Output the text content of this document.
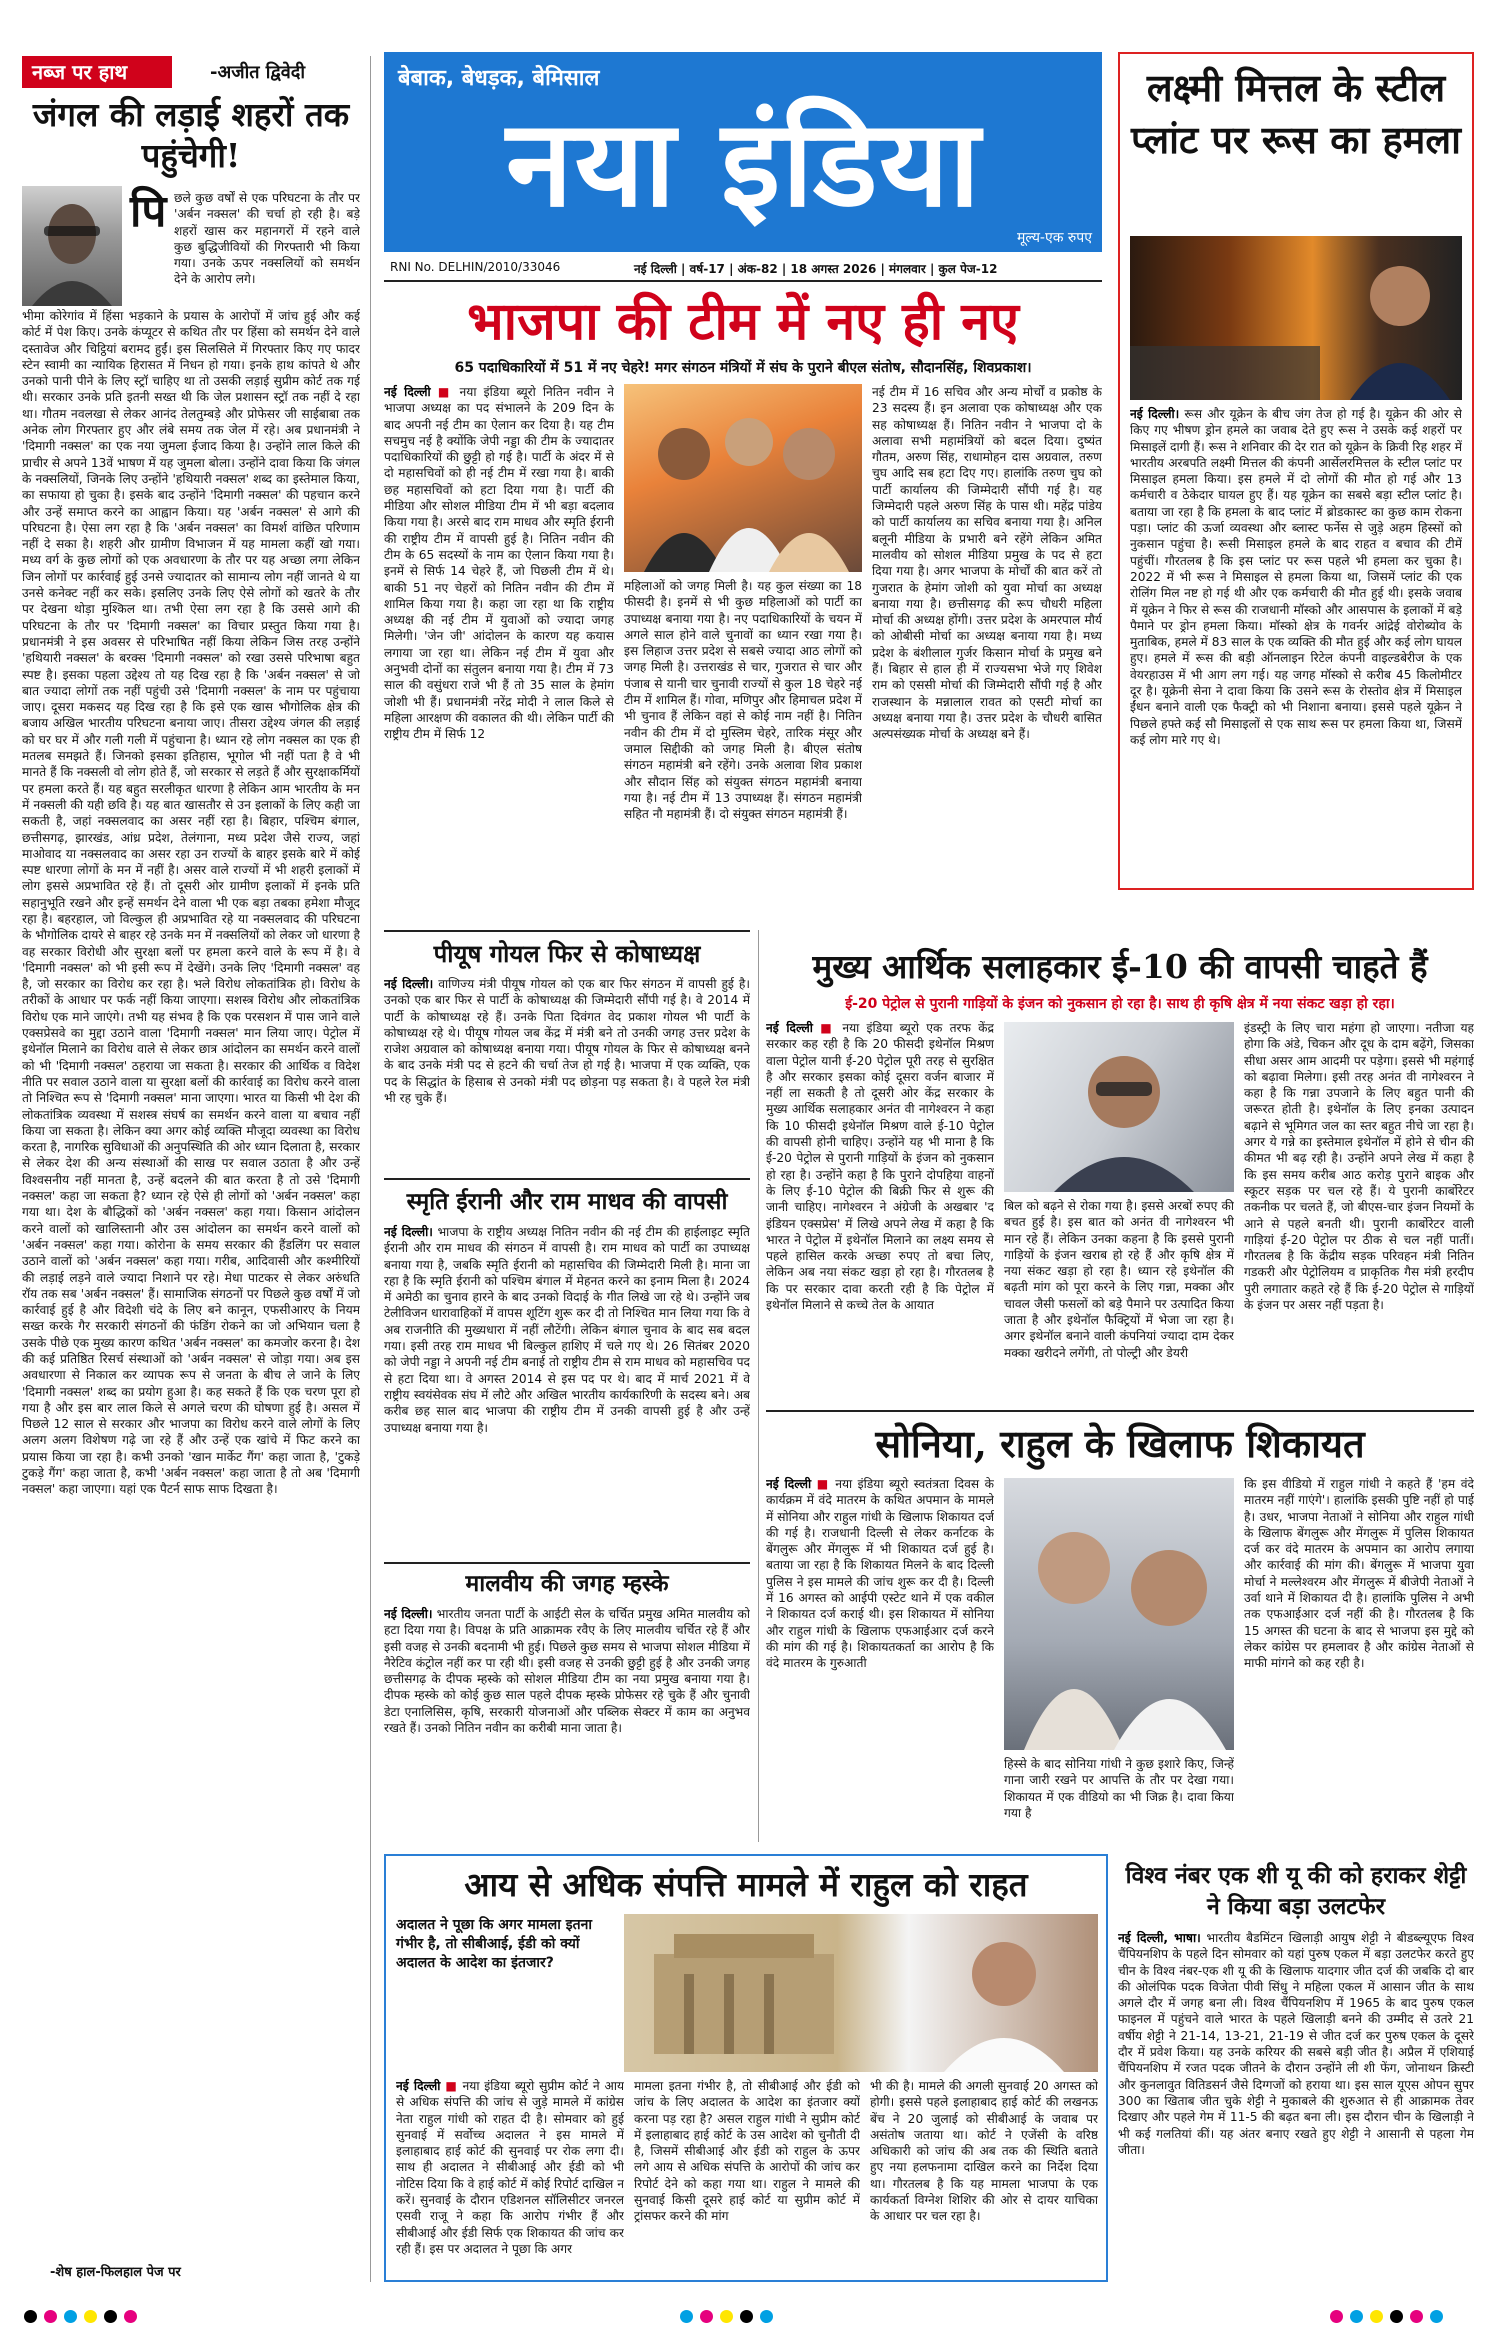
नब्ज पर हाथ	-अजीत द्विवेदी
जंगल की लड़ाई शहरों तक पहुंचेगी!
पि छले कुछ वर्षों से एक परिघटना के तौर पर 'अर्बन नक्सल' की चर्चा हो रही है। बड़े शहरों खास कर महानगरों में रहने वाले कुछ बुद्धिजीवियों की गिरफ्तारी भी किया गया। उनके ऊपर नक्सलियों को समर्थन देने के आरोप लगे।
भीमा कोरेगांव में हिंसा भड़काने के प्रयास के आरोपों में जांच हुई और कई कोर्ट में पेश किए। उनके कंप्यूटर से कथित तौर पर हिंसा को समर्थन देने वाले दस्तावेज और चिट्ठियां बरामद हुईं। इस सिलसिले में गिरफ्तार किए गए फादर स्टेन स्वामी का न्यायिक हिरासत में निधन हो गया। इनके हाथ कांपते थे और उनको पानी पीने के लिए स्ट्रॉ चाहिए था तो उसकी लड़ाई सुप्रीम कोर्ट तक गई थी। सरकार उनके प्रति इतनी सख्त थी कि जेल प्रशासन स्ट्रॉ तक नहीं दे रहा था। गौतम नवलखा से लेकर आनंद तेलतुम्बड़े और प्रोफेसर जी साईबाबा तक अनेक लोग गिरफ्तार हुए और लंबे समय तक जेल में रहे। अब प्रधानमंत्री ने 'दिमागी नक्सल' का एक नया जुमला ईजाद किया है। उन्होंने लाल किले की प्राचीर से अपने 13वें भाषण में यह जुमला बोला। उन्होंने दावा किया कि जंगल के नक्सलियों, जिनके लिए उन्होंने 'हथियारी नक्सल' शब्द का इस्तेमाल किया, का सफाया हो चुका है। इसके बाद उन्होंने 'दिमागी नक्सल' की पहचान करने और उन्हें समाप्त करने का आह्वान किया। यह 'अर्बन नक्सल' से आगे की परिघटना है। ऐसा लग रहा है कि 'अर्बन नक्सल' का विमर्श वांछित परिणाम नहीं दे सका है। शहरी और ग्रामीण विभाजन में यह मामला कहीं खो गया। मध्य वर्ग के कुछ लोगों को एक अवधारणा के तौर पर यह अच्छा लगा लेकिन जिन लोगों पर कार्रवाई हुई उनसे ज्यादातर को सामान्य लोग नहीं जानते थे या उनसे कनेक्ट नहीं कर सके। इसलिए उनके लिए ऐसे लोगों को खतरे के तौर पर देखना थोड़ा मुश्किल था। तभी ऐसा लग रहा है कि उससे आगे की परिघटना के तौर पर 'दिमागी नक्सल' का विचार प्रस्तुत किया गया है। प्रधानमंत्री ने इस अवसर से परिभाषित नहीं किया लेकिन जिस तरह उन्होंने 'हथियारी नक्सल' के बरक्स 'दिमागी नक्सल' को रखा उससे परिभाषा बहुत स्पष्ट है। इसका पहला उद्देश्य तो यह दिख रहा है कि 'अर्बन नक्सल' से जो बात ज्यादा लोगों तक नहीं पहुंची उसे 'दिमागी नक्सल' के नाम पर पहुंचाया जाए। दूसरा मकसद यह दिख रहा है कि इसे एक खास भौगोलिक क्षेत्र की बजाय अखिल भारतीय परिघटना बनाया जाए। तीसरा उद्देश्य जंगल की लड़ाई को घर घर में और गली गली में पहुंचाना है। ध्यान रहे लोग नक्सल का एक ही मतलब समझते हैं। जिनको इसका इतिहास, भूगोल भी नहीं पता है वे भी मानते हैं कि नक्सली वो लोग होते हैं, जो सरकार से लड़ते हैं और सुरक्षाकर्मियों पर हमला करते हैं। यह बहुत सरलीकृत धारणा है लेकिन आम भारतीय के मन में नक्सली की यही छवि है। यह बात खासतौर से उन इलाकों के लिए कही जा सकती है, जहां नक्सलवाद का असर नहीं रहा है। बिहार, पश्चिम बंगाल, छत्तीसगढ़, झारखंड, आंध्र प्रदेश, तेलंगाना, मध्य प्रदेश जैसे राज्य, जहां माओवाद या नक्सलवाद का असर रहा उन राज्यों के बाहर इसके बारे में कोई स्पष्ट धारणा लोगों के मन में नहीं है। असर वाले राज्यों में भी शहरी इलाकों में लोग इससे अप्रभावित रहे हैं। तो दूसरी ओर ग्रामीण इलाकों में इनके प्रति सहानुभूति रखने और इन्हें समर्थन देने वाला भी एक बड़ा तबका हमेशा मौजूद रहा है। बहरहाल, जो विल्कुल ही अप्रभावित रहे या नक्सलवाद की परिघटना के भौगोलिक दायरे से बाहर रहे उनके मन में नक्सलियों को लेकर जो धारणा है वह सरकार विरोधी और सुरक्षा बलों पर हमला करने वाले के रूप में है। वे 'दिमागी नक्सल' को भी इसी रूप में देखेंगे। उनके लिए 'दिमागी नक्सल' वह है, जो सरकार का विरोध कर रहा है। भले विरोध लोकतांत्रिक हो। विरोध के तरीकों के आधार पर फर्क नहीं किया जाएगा। सशस्त्र विरोध और लोकतांत्रिक विरोध एक माने जाएंगे। तभी यह संभव है कि एक परसशन में पास जाने वाले एक्सप्रेसवे का मुद्दा उठाने वाला 'दिमागी नक्सल' मान लिया जाए। पेट्रोल में इथेनॉल मिलाने का विरोध वाले से लेकर छात्र आंदोलन का समर्थन करने वालों को भी 'दिमागी नक्सल' ठहराया जा सकता है। सरकार की आर्थिक व विदेश नीति पर सवाल उठाने वाला या सुरक्षा बलों की कार्रवाई का विरोध करने वाला तो निश्चित रूप से 'दिमागी नक्सल' माना जाएगा। भारत या किसी भी देश की लोकतांत्रिक व्यवस्था में सशस्त्र संघर्ष का समर्थन करने वाला या बचाव नहीं किया जा सकता है। लेकिन क्या अगर कोई व्यक्ति मौजूदा व्यवस्था का विरोध करता है, नागरिक सुविधाओं की अनुपस्थिति की ओर ध्यान दिलाता है, सरकार से लेकर देश की अन्य संस्थाओं की साख पर सवाल उठाता है और उन्हें विश्वसनीय नहीं मानता है, उन्हें बदलने की बात करता है तो उसे 'दिमागी नक्सल' कहा जा सकता है? ध्यान रहे ऐसे ही लोगों को 'अर्बन नक्सल' कहा गया था। देश के बौद्धिकों को 'अर्बन नक्सल' कहा गया। किसान आंदोलन करने वालों को खालिस्तानी और उस आंदोलन का समर्थन करने वालों को 'अर्बन नक्सल' कहा गया। कोरोना के समय सरकार की हैंडलिंग पर सवाल उठाने वालों को 'अर्बन नक्सल' कहा गया। गरीब, आदिवासी और कश्मीरियों की लड़ाई लड़ने वाले ज्यादा निशाने पर रहे। मेधा पाटकर से लेकर अरुंधति रॉय तक सब 'अर्बन नक्सल' हैं। सामाजिक संगठनों पर पिछले कुछ वर्षों में जो कार्रवाई हुई है और विदेशी चंदे के लिए बने कानून, एफसीआरए के नियम सख्त करके गैर सरकारी संगठनों की फंडिंग रोकने का जो अभियान चला है उसके पीछे एक मुख्य कारण कथित 'अर्बन नक्सल' का कमजोर करना है। देश की कई प्रतिष्ठित रिसर्च संस्थाओं को 'अर्बन नक्सल' से जोड़ा गया। अब इस अवधारणा से निकाल कर व्यापक रूप से जनता के बीच ले जाने के लिए 'दिमागी नक्सल' शब्द का प्रयोग हुआ है। कह सकते हैं कि एक चरण पूरा हो गया है और इस बार लाल किले से अगले चरण की घोषणा हुई है। असल में पिछले 12 साल से सरकार और भाजपा का विरोध करने वाले लोगों के लिए अलग अलग विशेषण गढ़े जा रहे हैं और उन्हें एक खांचे में फिट करने का प्रयास किया जा रहा है। कभी उनको 'खान मार्केट गैंग' कहा जाता है, 'टुकड़े टुकड़े गैंग' कहा जाता है, कभी 'अर्बन नक्सल' कहा जाता है तो अब 'दिमागी नक्सल' कहा जाएगा। यहां एक पैटर्न साफ साफ दिखता है।
-शेष हाल-फिलहाल पेज पर
बेबाक, बेधड़क, बेमिसाल
नया इंडिया
मूल्य-एक रुपए
RNI No. DELHIN/2010/33046	नई दिल्ली | वर्ष-17 | अंक-82 | 18 अगस्त 2026 | मंगलवार | कुल पेज-12
लक्ष्मी मित्तल के स्टील प्लांट पर रूस का हमला
नई दिल्ली। रूस और यूक्रेन के बीच जंग तेज हो गई है। यूक्रेन की ओर से किए गए भीषण ड्रोन हमले का जवाब देते हुए रूस ने उसके कई शहरों पर मिसाइलें दागी हैं। रूस ने शनिवार की देर रात को यूक्रेन के क्रिवी रिह शहर में भारतीय अरबपति लक्ष्मी मित्तल की कंपनी आर्सेलरमित्तल के स्टील प्लांट पर मिसाइल हमला किया। इस हमले में दो लोगों की मौत हो गई और 13 कर्मचारी व ठेकेदार घायल हुए हैं। यह यूक्रेन का सबसे बड़ा स्टील प्लांट है। बताया जा रहा है कि हमला के बाद प्लांट में ब्रोडकास्ट का कुछ काम रोकना पड़ा। प्लांट की ऊर्जा व्यवस्था और ब्लास्ट फर्नेस से जुड़े अहम हिस्सों को नुकसान पहुंचा है। रूसी मिसाइल हमले के बाद राहत व बचाव की टीमें पहुंचीं। गौरतलब है कि इस प्लांट पर रूस पहले भी हमला कर चुका है। 2022 में भी रूस ने मिसाइल से हमला किया था, जिसमें प्लांट की एक रोलिंग मिल नष्ट हो गई थी और एक कर्मचारी की मौत हुई थी। इसके जवाब में यूक्रेन ने फिर से रूस की राजधानी मॉस्को और आसपास के इलाकों में बड़े पैमाने पर ड्रोन हमला किया। मॉस्को क्षेत्र के गवर्नर आंद्रेई वोरोब्योव के मुताबिक, हमले में 83 साल के एक व्यक्ति की मौत हुई और कई लोग घायल हुए। हमले में रूस की बड़ी ऑनलाइन रिटेल कंपनी वाइल्डबेरीज के एक वेयरहाउस में भी आग लग गई। यह जगह मॉस्को से करीब 45 किलोमीटर दूर है। यूक्रेनी सेना ने दावा किया कि उसने रूस के रोस्तोव क्षेत्र में मिसाइल ईंधन बनाने वाली एक फैक्ट्री को भी निशाना बनाया। इससे पहले यूक्रेन ने पिछले हफ्ते कई सौ मिसाइलों से एक साथ रूस पर हमला किया था, जिसमें कई लोग मारे गए थे।
भाजपा की टीम में नए ही नए
65 पदाधिकारियों में 51 में नए चेहरे! मगर संगठन मंत्रियों में संघ के पुराने बीएल संतोष, सौदानसिंह, शिवप्रकाश।
नई दिल्ली ■ नया इंडिया ब्यूरो नितिन नवीन ने भाजपा अध्यक्ष का पद संभालने के 209 दिन के बाद अपनी नई टीम का ऐलान कर दिया है। यह टीम सचमुच नई है क्योंकि जेपी नड्डा की टीम के ज्यादातर पदाधिकारियों की छुट्टी हो गई है। पार्टी के अंदर में से दो महासचिवों को ही नई टीम में रखा गया है। बाकी छह महासचिवों को हटा दिया गया है। पार्टी की मीडिया और सोशल मीडिया टीम में भी बड़ा बदलाव किया गया है। अरसे बाद राम माधव और स्मृति ईरानी की राष्ट्रीय टीम में वापसी हुई है। नितिन नवीन की टीम के 65 सदस्यों के नाम का ऐलान किया गया है। इनमें से सिर्फ 14 चेहरे हैं, जो पिछली टीम में थे। बाकी 51 नए चेहरों को नितिन नवीन की टीम में शामिल किया गया है। कहा जा रहा था कि राष्ट्रीय अध्यक्ष की नई टीम में युवाओं को ज्यादा जगह मिलेगी। 'जेन जी' आंदोलन के कारण यह कयास लगाया जा रहा था। लेकिन नई टीम में युवा और अनुभवी दोनों का संतुलन बनाया गया है। टीम में 73 साल की वसुंधरा राजे भी हैं तो 35 साल के हेमांग जोशी भी हैं। प्रधानमंत्री नरेंद्र मोदी ने लाल किले से महिला आरक्षण की वकालत की थी। लेकिन पार्टी की राष्ट्रीय टीम में सिर्फ 12
महिलाओं को जगह मिली है। यह कुल संख्या का 18 फीसदी है। इनमें से भी कुछ महिलाओं को पार्टी का उपाध्यक्ष बनाया गया है। नए पदाधिकारियों के चयन में अगले साल होने वाले चुनावों का ध्यान रखा गया है। इस लिहाज उत्तर प्रदेश से सबसे ज्यादा आठ लोगों को जगह मिली है। उत्तराखंड से चार, गुजरात से चार और पंजाब से यानी चार चुनावी राज्यों से कुल 18 चेहरे नई टीम में शामिल हैं। गोवा, मणिपुर और हिमाचल प्रदेश में भी चुनाव हैं लेकिन वहां से कोई नाम नहीं है। नितिन नवीन की टीम में दो मुस्लिम चेहरे, तारिक मंसूर और जमाल सिद्दीकी को जगह मिली है। बीएल संतोष संगठन महामंत्री बने रहेंगे। उनके अलावा शिव प्रकाश और सौदान सिंह को संयुक्त संगठन महामंत्री बनाया गया है। नई टीम में 13 उपाध्यक्ष हैं। संगठन महामंत्री सहित नौ महामंत्री हैं। दो संयुक्त संगठन महामंत्री हैं।
नई टीम में 16 सचिव और अन्य मोर्चों व प्रकोष्ठ के 23 सदस्य हैं। इन अलावा एक कोषाध्यक्ष और एक सह कोषाध्यक्ष हैं। नितिन नवीन ने भाजपा दो के अलावा सभी महामंत्रियों को बदल दिया। दुष्यंत गौतम, अरुण सिंह, राधामोहन दास अग्रवाल, तरुण चुघ आदि सब हटा दिए गए। हालांकि तरुण चुघ को पार्टी कार्यालय की जिम्मेदारी सौंपी गई है। यह जिम्मेदारी पहले अरुण सिंह के पास थी। महेंद्र पांडेय को पार्टी कार्यालय का सचिव बनाया गया है। अनिल बलूनी मीडिया के प्रभारी बने रहेंगे लेकिन अमित मालवीय को सोशल मीडिया प्रमुख के पद से हटा दिया गया है। अगर भाजपा के मोर्चों की बात करें तो गुजरात के हेमांग जोशी को युवा मोर्चा का अध्यक्ष बनाया गया है। छत्तीसगढ़ की रूप चौधरी महिला मोर्चा की अध्यक्ष होंगी। उत्तर प्रदेश के अमरपाल मौर्य को ओबीसी मोर्चा का अध्यक्ष बनाया गया है। मध्य प्रदेश के बंशीलाल गुर्जर किसान मोर्चा के प्रमुख बने हैं। बिहार से हाल ही में राज्यसभा भेजे गए शिवेश राम को एससी मोर्चा की जिम्मेदारी सौंपी गई है और राजस्थान के मन्नालाल रावत को एसटी मोर्चा का अध्यक्ष बनाया गया है। उत्तर प्रदेश के चौधरी बासित अल्पसंख्यक मोर्चा के अध्यक्ष बने हैं।
पीयूष गोयल फिर से कोषाध्यक्ष
नई दिल्ली। वाणिज्य मंत्री पीयूष गोयल को एक बार फिर संगठन में वापसी हुई है। उनको एक बार फिर से पार्टी के कोषाध्यक्ष की जिम्मेदारी सौंपी गई है। वे 2014 में पार्टी के कोषाध्यक्ष रहे हैं। उनके पिता दिवंगत वेद प्रकाश गोयल भी पार्टी के कोषाध्यक्ष रहे थे। पीयूष गोयल जब केंद्र में मंत्री बने तो उनकी जगह उत्तर प्रदेश के राजेश अग्रवाल को कोषाध्यक्ष बनाया गया। पीयूष गोयल के फिर से कोषाध्यक्ष बनने के बाद उनके मंत्री पद से हटने की चर्चा तेज हो गई है। भाजपा में एक व्यक्ति, एक पद के सिद्धांत के हिसाब से उनको मंत्री पद छोड़ना पड़ सकता है। वे पहले रेल मंत्री भी रह चुके हैं।
स्मृति ईरानी और राम माधव की वापसी
नई दिल्ली। भाजपा के राष्ट्रीय अध्यक्ष नितिन नवीन की नई टीम की हाईलाइट स्मृति ईरानी और राम माधव की संगठन में वापसी है। राम माधव को पार्टी का उपाध्यक्ष बनाया गया है, जबकि स्मृति ईरानी को महासचिव की जिम्मेदारी मिली है। माना जा रहा है कि स्मृति ईरानी को पश्चिम बंगाल में मेहनत करने का इनाम मिला है। 2024 में अमेठी का चुनाव हारने के बाद उनको विदाई के गीत लिखे जा रहे थे। उन्होंने जब टेलीविजन धारावाहिकों में वापस शूटिंग शुरू कर दी तो निश्चित मान लिया गया कि वे अब राजनीति की मुख्यधारा में नहीं लौटेंगी। लेकिन बंगाल चुनाव के बाद सब बदल गया। इसी तरह राम माधव भी बिल्कुल हाशिए में चले गए थे। 26 सितंबर 2020 को जेपी नड्डा ने अपनी नई टीम बनाई तो राष्ट्रीय टीम से राम माधव को महासचिव पद से हटा दिया था। वे अगस्त 2014 से इस पद पर थे। बाद में मार्च 2021 में वे राष्ट्रीय स्वयंसेवक संघ में लौटे और अखिल भारतीय कार्यकारिणी के सदस्य बने। अब करीब छह साल बाद भाजपा की राष्ट्रीय टीम में उनकी वापसी हुई है और उन्हें उपाध्यक्ष बनाया गया है।
मालवीय की जगह म्हस्के
नई दिल्ली। भारतीय जनता पार्टी के आईटी सेल के चर्चित प्रमुख अमित मालवीय को हटा दिया गया है। विपक्ष के प्रति आक्रामक रवैए के लिए मालवीय चर्चित रहे हैं और इसी वजह से उनकी बदनामी भी हुई। पिछले कुछ समय से भाजपा सोशल मीडिया में नैरेटिव कंट्रोल नहीं कर पा रही थी। इसी वजह से उनकी छुट्टी हुई है और उनकी जगह छत्तीसगढ़ के दीपक म्हस्के को सोशल मीडिया टीम का नया प्रमुख बनाया गया है। दीपक म्हस्के को कोई कुछ साल पहले दीपक म्हस्के प्रोफेसर रहे चुके हैं और चुनावी डेटा एनालिसिस, कृषि, सरकारी योजनाओं और पब्लिक सेक्टर में काम का अनुभव रखते हैं। उनको नितिन नवीन का करीबी माना जाता है।
मुख्य आर्थिक सलाहकार ई-10 की वापसी चाहते हैं
ई-20 पेट्रोल से पुरानी गाड़ियों के इंजन को नुकसान हो रहा है। साथ ही कृषि क्षेत्र में नया संकट खड़ा हो रहा।
नई दिल्ली ■ नया इंडिया ब्यूरो एक तरफ केंद्र सरकार कह रही है कि 20 फीसदी इथेनॉल मिश्रण वाला पेट्रोल यानी ई-20 पेट्रोल पूरी तरह से सुरक्षित है और सरकार इसका कोई दूसरा वर्जन बाजार में नहीं ला सकती है तो दूसरी ओर केंद्र सरकार के मुख्य आर्थिक सलाहकार अनंत वी नागेश्वरन ने कहा कि 10 फीसदी इथेनॉल मिश्रण वाले ई-10 पेट्रोल की वापसी होनी चाहिए। उन्होंने यह भी माना है कि ई-20 पेट्रोल से पुरानी गाड़ियों के इंजन को नुकसान हो रहा है। उन्होंने कहा है कि पुराने दोपहिया वाहनों के लिए ई-10 पेट्रोल की बिक्री फिर से शुरू की जानी चाहिए। नागेश्वरन ने अंग्रेजी के अखबार 'द इंडियन एक्सप्रेस' में लिखे अपने लेख में कहा है कि भारत ने पेट्रोल में इथेनॉल मिलाने का लक्ष्य समय से पहले हासिल करके अच्छा रुपए तो बचा लिए, लेकिन अब नया संकट खड़ा हो रहा है। गौरतलब है कि पर सरकार दावा करती रही है कि पेट्रोल में इथेनॉल मिलाने से कच्चे तेल के आयात
बिल को बढ़ने से रोका गया है। इससे अरबों रुपए की बचत हुई है। इस बात को अनंत वी नागेश्वरन भी मान रहे हैं। लेकिन उनका कहना है कि इससे पुरानी गाड़ियों के इंजन खराब हो रहे हैं और कृषि क्षेत्र में नया संकट खड़ा हो रहा है। ध्यान रहे इथेनॉल की बढ़ती मांग को पूरा करने के लिए गन्ना, मक्का और चावल जैसी फसलों को बड़े पैमाने पर उत्पादित किया जाता है और इथेनॉल फैक्ट्रियों में भेजा जा रहा है। अगर इथेनॉल बनाने वाली कंपनियां ज्यादा दाम देकर मक्का खरीदने लगेंगी, तो पोल्ट्री और डेयरी
इंडस्ट्री के लिए चारा महंगा हो जाएगा। नतीजा यह होगा कि अंडे, चिकन और दूध के दाम बढ़ेंगे, जिसका सीधा असर आम आदमी पर पड़ेगा। इससे भी महंगाई को बढ़ावा मिलेगा। इसी तरह अनंत वी नागेश्वरन ने कहा है कि गन्ना उपजाने के लिए बहुत पानी की जरूरत होती है। इथेनॉल के लिए इनका उत्पादन बढ़ाने से भूमिगत जल का स्तर बहुत नीचे जा रहा है। अगर ये गन्ने का इस्तेमाल इथेनॉल में होने से चीन की कीमत भी बढ़ रही है। उन्होंने अपने लेख में कहा है कि इस समय करीब आठ करोड़ पुराने बाइक और स्कूटर सड़क पर चल रहे हैं। ये पुरानी कार्बोरेटर तकनीक पर चलते हैं, जो बीएस-चार इंजन नियमों के आने से पहले बनती थी। पुरानी कार्बोरेटर वाली गाड़ियां ई-20 पेट्रोल पर ठीक से चल नहीं पातीं। गौरतलब है कि केंद्रीय सड़क परिवहन मंत्री नितिन गडकरी और पेट्रोलियम व प्राकृतिक गैस मंत्री हरदीप पुरी लगातार कहते रहे हैं कि ई-20 पेट्रोल से गाड़ियों के इंजन पर असर नहीं पड़ता है।
सोनिया, राहुल के खिलाफ शिकायत
नई दिल्ली ■ नया इंडिया ब्यूरो स्वतंत्रता दिवस के कार्यक्रम में वंदे मातरम के कथित अपमान के मामले में सोनिया और राहुल गांधी के खिलाफ शिकायत दर्ज की गई है। राजधानी दिल्ली से लेकर कर्नाटक के बेंगलुरू और मेंगलुरू में भी शिकायत दर्ज हुई है। बताया जा रहा है कि शिकायत मिलने के बाद दिल्ली पुलिस ने इस मामले की जांच शुरू कर दी है। दिल्ली में 16 अगस्त को आईपी एस्टेट थाने में एक वकील ने शिकायत दर्ज कराई थी। इस शिकायत में सोनिया और राहुल गांधी के खिलाफ एफआईआर दर्ज करने की मांग की गई है। शिकायतकर्ता का आरोप है कि वंदे मातरम के गुरुआती
हिस्से के बाद सोनिया गांधी ने कुछ इशारे किए, जिन्हें गाना जारी रखने पर आपत्ति के तौर पर देखा गया। शिकायत में एक वीडियो का भी जिक्र है। दावा किया गया है
कि इस वीडियो में राहुल गांधी ने कहते हैं 'हम वंदे मातरम नहीं गाएंगे'। हालांकि इसकी पुष्टि नहीं हो पाई है। उधर, भाजपा नेताओं ने सोनिया और राहुल गांधी के खिलाफ बेंगलुरू और मेंगलुरू में पुलिस शिकायत दर्ज कर वंदे मातरम के अपमान का आरोप लगाया और कार्रवाई की मांग की। बेंगलुरू में भाजपा युवा मोर्चा ने मल्लेश्वरम और मेंगलुरू में बीजेपी नेताओं ने उर्वा थाने में शिकायत दी है। हालांकि पुलिस ने अभी तक एफआईआर दर्ज नहीं की है। गौरतलब है कि 15 अगस्त की घटना के बाद से भाजपा इस मुद्दे को लेकर कांग्रेस पर हमलावर है और कांग्रेस नेताओं से माफी मांगने को कह रही है।
आय से अधिक संपत्ति मामले में राहुल को राहत
अदालत ने पूछा कि अगर मामला इतना गंभीर है, तो सीबीआई, ईडी को क्यों अदालत के आदेश का इंतजार?
नई दिल्ली ■ नया इंडिया ब्यूरो सुप्रीम कोर्ट ने आय से अधिक संपत्ति की जांच से जुड़े मामले में कांग्रेस नेता राहुल गांधी को राहत दी है। सोमवार को हुई सुनवाई में सर्वोच्च अदालत ने इस मामले में इलाहाबाद हाई कोर्ट की सुनवाई पर रोक लगा दी। साथ ही अदालत ने सीबीआई और ईडी को भी नोटिस दिया कि वे हाई कोर्ट में कोई रिपोर्ट दाखिल न करें। सुनवाई के दौरान एडिशनल सॉलिसीटर जनरल एसवी राजू ने कहा कि आरोप गंभीर हैं और सीबीआई और ईडी सिर्फ एक शिकायत की जांच कर रही हैं। इस पर अदालत ने पूछा कि अगर
मामला इतना गंभीर है, तो सीबीआई और ईडी को जांच के लिए अदालत के आदेश का इंतजार क्यों करना पड़ रहा है? असल राहुल गांधी ने सुप्रीम कोर्ट में इलाहाबाद हाई कोर्ट के उस आदेश को चुनौती दी है, जिसमें सीबीआई और ईडी को राहुल के ऊपर लगे आय से अधिक संपत्ति के आरोपों की जांच कर रिपोर्ट देने को कहा गया था। राहुल ने मामले की सुनवाई किसी दूसरे हाई कोर्ट या सुप्रीम कोर्ट में ट्रांसफर करने की मांग
भी की है। मामले की अगली सुनवाई 20 अगस्त को होगी। इससे पहले इलाहाबाद हाई कोर्ट की लखनऊ बेंच ने 20 जुलाई को सीबीआई के जवाब पर असंतोष जताया था। कोर्ट ने एजेंसी के वरिष्ठ अधिकारी को जांच की अब तक की स्थिति बताते हुए नया हलफनामा दाखिल करने का निर्देश दिया था। गौरतलब है कि यह मामला भाजपा के एक कार्यकर्ता विग्नेश शिशिर की ओर से दायर याचिका के आधार पर चल रहा है।
विश्व नंबर एक शी यू की को हराकर शेट्टी ने किया बड़ा उलटफेर
नई दिल्ली, भाषा। भारतीय बैडमिंटन खिलाड़ी आयुष शेट्टी ने बीडब्ल्यूएफ विश्व चैंपियनशिप के पहले दिन सोमवार को यहां पुरुष एकल में बड़ा उलटफेर करते हुए चीन के विश्व नंबर-एक शी यू की के खिलाफ यादगार जीत दर्ज की जबकि दो बार की ओलंपिक पदक विजेता पीवी सिंधु ने महिला एकल में आसान जीत के साथ अगले दौर में जगह बना ली। विश्व चैंपियनशिप में 1965 के बाद पुरुष एकल फाइनल में पहुंचने वाले भारत के पहले खिलाड़ी बनने की उम्मीद से उतरे 21 वर्षीय शेट्टी ने 21-14, 13-21, 21-19 से जीत दर्ज कर पुरुष एकल के दूसरे दौर में प्रवेश किया। यह उनके करियर की सबसे बड़ी जीत है। अप्रैल में एशियाई चैंपियनशिप में रजत पदक जीतने के दौरान उन्होंने ली शी फेंग, जोनाथन क्रिस्टी और कुनलावुत वितिडसर्न जैसे दिग्गजों को हराया था। इस साल यूएस ओपन सुपर 300 का खिताब जीत चुके शेट्टी ने मुकाबले की शुरुआत से ही आक्रामक तेवर दिखाए और पहले गेम में 11-5 की बढ़त बना ली। इस दौरान चीन के खिलाड़ी ने भी कई गलतियां कीं। यह अंतर बनाए रखते हुए शेट्टी ने आसानी से पहला गेम जीता।
